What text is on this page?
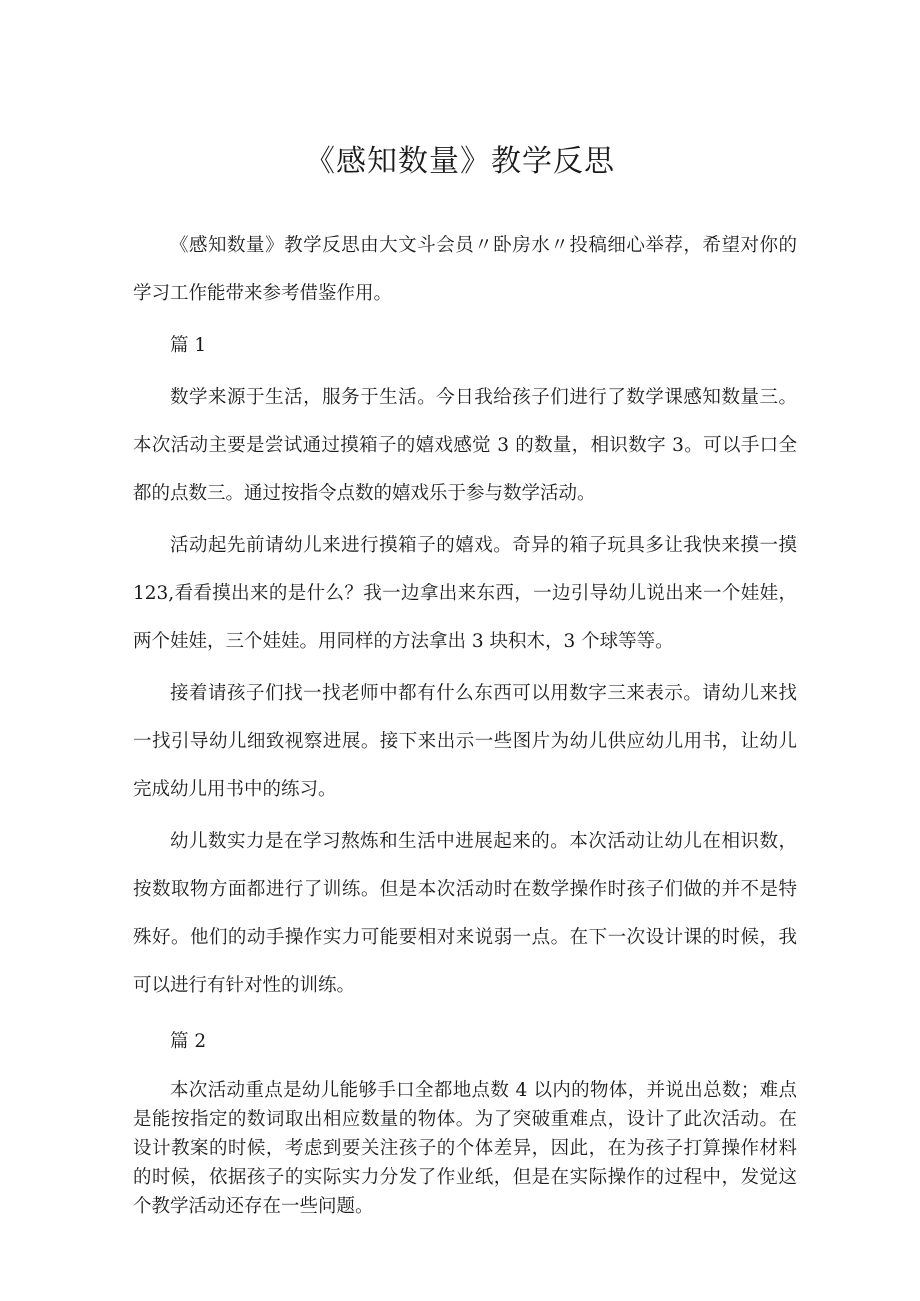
《感知数量》教学反思

《感知数量》教学反思由大文斗会员〃卧房水〃投稿细心举荐，希望对你的学习工作能带来参考借鉴作用。

篇 1

数学来源于生活，服务于生活。今日我给孩子们进行了数学课感知数量三。本次活动主要是尝试通过摸箱子的嬉戏感觉 3 的数量，相识数字 3。可以手口全都的点数三。通过按指令点数的嬉戏乐于参与数学活动。

活动起先前请幼儿来进行摸箱子的嬉戏。奇异的箱子玩具多让我快来摸一摸 123,看看摸出来的是什么？我一边拿出来东西，一边引导幼儿说出来一个娃娃，两个娃娃，三个娃娃。用同样的方法拿出 3 块积木，3 个球等等。

接着请孩子们找一找老师中都有什么东西可以用数字三来表示。请幼儿来找一找引导幼儿细致视察进展。接下来出示一些图片为幼儿供应幼儿用书，让幼儿完成幼儿用书中的练习。

幼儿数实力是在学习熬炼和生活中进展起来的。本次活动让幼儿在相识数，按数取物方面都进行了训练。但是本次活动时在数学操作时孩子们做的并不是特殊好。他们的动手操作实力可能要相对来说弱一点。在下一次设计课的时候，我可以进行有针对性的训练。

篇 2

本次活动重点是幼儿能够手口全都地点数 4 以内的物体，并说出总数；难点是能按指定的数词取出相应数量的物体。为了突破重难点，设计了此次活动。在设计教案的时候，考虑到要关注孩子的个体差异，因此，在为孩子打算操作材料的时候，依据孩子的实际实力分发了作业纸，但是在实际操作的过程中，发觉这个教学活动还存在一些问题。
